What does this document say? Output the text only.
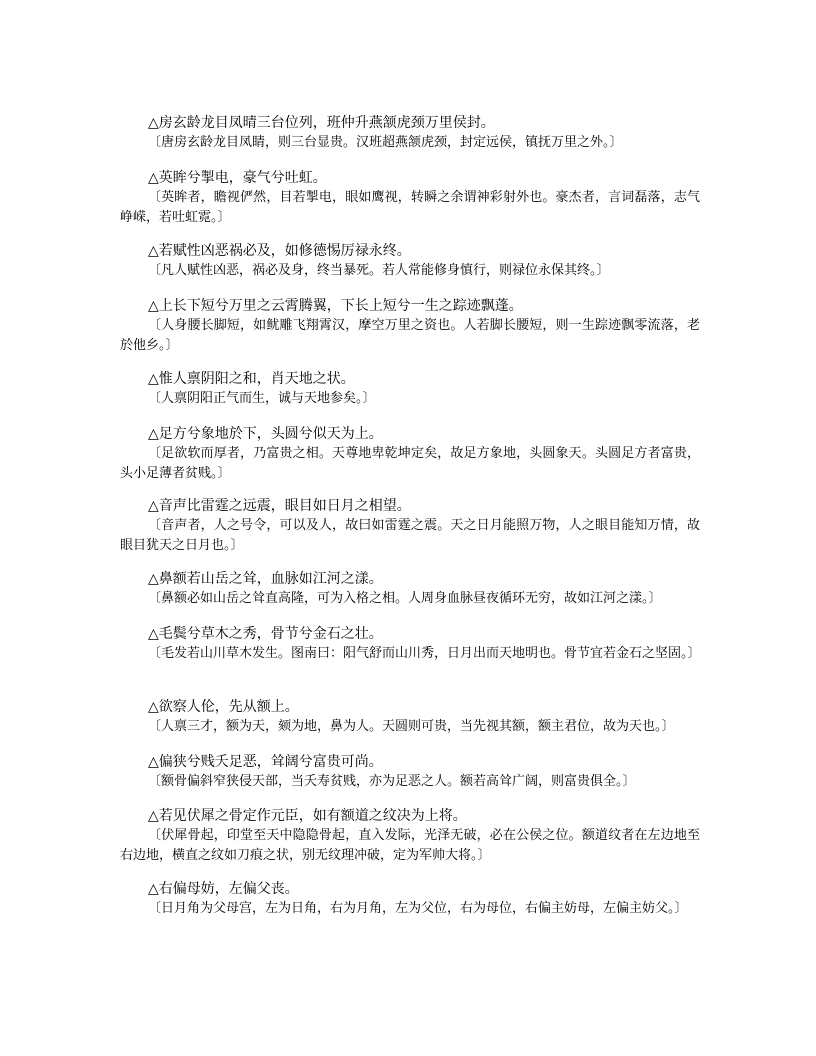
△房玄龄龙目凤晴三台位列，班仲升燕颔虎颈万里侯封。

〔唐房玄龄龙目凤睛，则三台显贵。汉班超燕颔虎颈，封定远侯，镇抚万里之外。〕

△英眸兮掣电，豪气兮吐虹。

〔英眸者，瞻视俨然，目若掣电，眼如鹰视，转瞬之余谓神彩射外也。豪杰者，言词磊落，志气峥嵘，若吐虹霓。〕

△若赋性凶恶祸必及，如修德惕厉禄永终。

〔凡人赋性凶恶，祸必及身，终当暴死。若人常能修身慎行，则禄位永保其终。〕

△上长下短兮万里之云霄腾翼，下长上短兮一生之踪迹飘蓬。

〔人身腰长脚短，如鱿雕飞翔霄汉，摩空万里之资也。人若脚长腰短，则一生踪迹飘零流落，老於他乡。〕

△惟人禀阴阳之和，肖天地之状。

〔人禀阴阳正气而生，诚与天地参矣。〕

△足方兮象地於下，头圆兮似天为上。

〔足欲软而厚者，乃富贵之相。天尊地卑乾坤定矣，故足方象地，头圆象天。头圆足方者富贵，头小足薄者贫贱。〕

△音声比雷霆之远震，眼目如日月之相望。

〔音声者，人之号令，可以及人，故曰如雷霆之震。天之日月能照万物，人之眼目能知万情，故眼目犹天之日月也。〕

△鼻额若山岳之耸，血脉如江河之漾。

〔鼻额必如山岳之耸直高隆，可为入格之相。人周身血脉昼夜循环无穷，故如江河之漾。〕

△毛鬓兮草木之秀，骨节兮金石之壮。

〔毛发若山川草木发生。图南曰：阳气舒而山川秀，日月出而天地明也。骨节宜若金石之坚固。〕

△欲察人伦，先从额上。

〔人禀三才，额为天，颏为地，鼻为人。天圆则可贵，当先视其额，额主君位，故为天也。〕

△偏狭兮贱夭足恶，耸阔兮富贵可尚。

〔额骨偏斜窄狭侵天部，当夭寿贫贱，亦为足恶之人。额若高耸广阔，则富贵俱全。〕

△若见伏犀之骨定作元臣，如有额道之纹决为上将。

〔伏犀骨起，印堂至天中隐隐骨起，直入发际，光泽无破，必在公侯之位。额道纹者在左边地至右边地，横直之纹如刀痕之状，别无纹理冲破，定为军帅大将。〕

△右偏母妨，左偏父丧。

〔日月角为父母宫，左为日角，右为月角，左为父位，右为母位，右偏主妨母，左偏主妨父。〕
